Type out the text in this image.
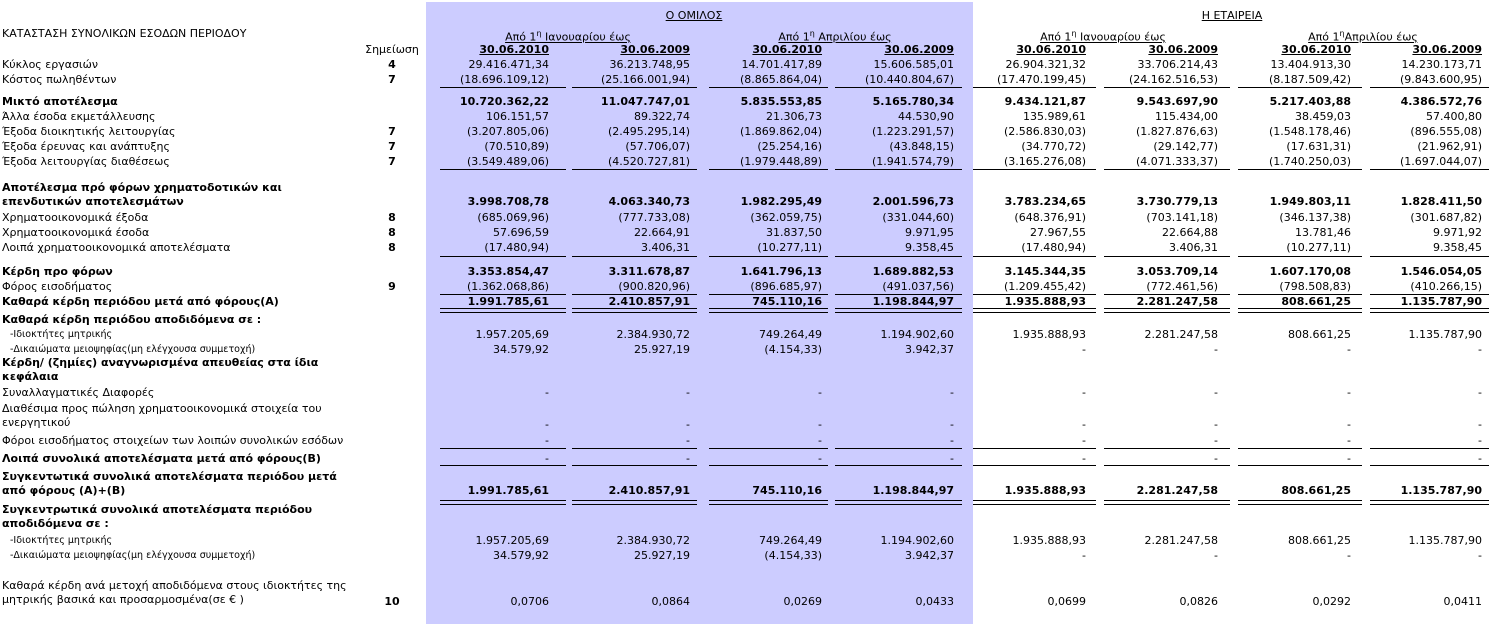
ΚΑΤΑΣΤΑΣΗ ΣΥΝΟΛΙΚΩΝ ΕΣΟΔΩΝ ΠΕΡΙΟΔΟΥ
Σημείωση
Ο ΟΜΙΛΟΣ	Η ΕΤΑΙΡΕΙΑ
Από $1^\eta$ Ιανουαρίου έως	Από $1^\eta$ Απριλίου έως	Από $1^\eta$ Ιανουαρίου έως	Από $1^\eta A\pi\rho\iota\lambda ίo\upsilon$ έως
30.06.2010	30.06.2009	30.06.2010	30.06.2009	30.06.2010	30.06.2009	30.06.2010	30.06.2009
Κύκλος εργασιών	4	29.416.471,34	36.213.748,95	14.701.417,89	15.606.585,01	26.904.321,32	33.706.214,43	13.404.913,30	14.230.173,71
Κόστος πωληθέντων	7	(18.696.109,12)	(25.166.001,94)	(8.865.864,04)	(10.440.804,67)	(17.470.199,45)	(24.162.516,53)	(8.187.509,42)	(9.843.600,95)
Μικτό αποτέλεσμα	10.720.362,22	11.047.747,01	5.835.553,85	5.165.780,34	9.434.121,87	9.543.697,90	5.217.403,88	4.386.572,76
Άλλα έσοδα εκμετάλλευσης	106.151,57	89.322,74	21.306,73	44.530,90	135.989,61	115.434,00	38.459,03	57.400,80
Έξοδα διοικητικής λειτουργίας	7	(3.207.805,06)	(2.495.295,14)	(1.869.862,04)	(1.223.291,57)	(2.586.830,03)	(1.827.876,63)	(1.548.178,46)	(896.555,08)
Έξοδα έρευνας και ανάπτυξης	7	(70.510,89)	(57.706,07)	(25.254,16)	(43.848,15)	(34.770,72)	(29.142,77)	(17.631,31)	(21.962,91)
Έξοδα λειτουργίας διαθέσεως	7	(3.549.489,06)	(4.520.727,81)	(1.979.448,89)	(1.941.574,79)	(3.165.276,08)	(4.071.333,37)	(1.740.250,03)	(1.697.044,07)
Αποτέλεσμα πρό φόρων χρηματοδοτικών και
επενδυτικών αποτελεσμάτων	3.998.708,78	4.063.340,73	1.982.295,49	2.001.596,73	3.783.234,65	3.730.779,13	1.949.803,11	1.828.411,50
Χρηματοοικονομικά έξοδα	8	(685.069,96)	(777.733,08)	(362.059,75)	(331.044,60)	(648.376,91)	(703.141,18)	(346.137,38)	(301.687,82)
Χρηματοοικονομικά έσοδα	8	57.696,59	22.664,91	31.837,50	9.971,95	27.967,55	22.664,88	13.781,46	9.971,92
Λοιπά χρηματοοικονομικά αποτελέσματα	8	(17.480,94)	3.406,31	(10.277,11)	9.358,45	(17.480,94)	3.406,31	(10.277,11)	9.358,45
Κέρδη προ φόρων	3.353.854,47	3.311.678,87	1.641.796,13	1.689.882,53	3.145.344,35	3.053.709,14	1.607.170,08	1.546.054,05
Φόρος εισοδήματος	9	(1.362.068,86)	(900.820,96)	(896.685,97)	(491.037,56)	(1.209.455,42)	(772.461,56)	(798.508,83)	(410.266,15)
Καθαρά κέρδη περιόδου μετά από φόρους(Α)	1.991.785,61	2.410.857,91	745.110,16	1.198.844,97	1.935.888,93	2.281.247,58	808.661,25	1.135.787,90
Καθαρά κέρδη περιόδου αποδιδόμενα σε :
-Ιδιοκτήτες μητρικής	1.957.205,69	2.384.930,72	749.264,49	1.194.902,60	1.935.888,93	2.281.247,58	808.661,25	1.135.787,90
-Δικαιώματα μειοψηφίας(μη ελέγχουσα συμμετοχή)	34.579,92	25.927,19	(4.154,33)	3.942,37	-	-	-	-
Κέρδη/ (ζημίες) αναγνωρισμένα απευθείας στα ίδια
κεφάλαια
Συναλλαγματικές Διαφορές	-	-	-	-	-	-	-	-
Διαθέσιμα προς πώληση χρηματοοικονομικά στοιχεία του
ενεργητικού	-	-	-	-	-	-	-	-
Φόροι εισοδήματος στοιχείων των λοιπών συνολικών εσόδων	-	-	-	-	-	-	-	-
Λοιπά συνολικά αποτελέσματα μετά από φόρους(Β)	-	-	-	-	-	-	-	-
Συγκεντωτικά συνολικά αποτελέσματα περιόδου μετά
από φόρους (Α)+(Β)	1.991.785,61	2.410.857,91	745.110,16	1.198.844,97	1.935.888,93	2.281.247,58	808.661,25	1.135.787,90
Συγκεντρωτικά συνολικά αποτελέσματα περιόδου
αποδιδόμενα σε :
-Ιδιοκτήτες μητρικής	1.957.205,69	2.384.930,72	749.264,49	1.194.902,60	1.935.888,93	2.281.247,58	808.661,25	1.135.787,90
-Δικαιώματα μειοψηφίας(μη ελέγχουσα συμμετοχή)	34.579,92	25.927,19	(4.154,33)	3.942,37	-	-	-	-
Καθαρά κέρδη ανά μετοχή αποδιδόμενα στους ιδιοκτήτες της
μητρικής βασικά και προσαρμοσμένα(σε € )	10	0,0706	0,0864	0,0269	0,0433	0,0699	0,0826	0,0292	0,0411
